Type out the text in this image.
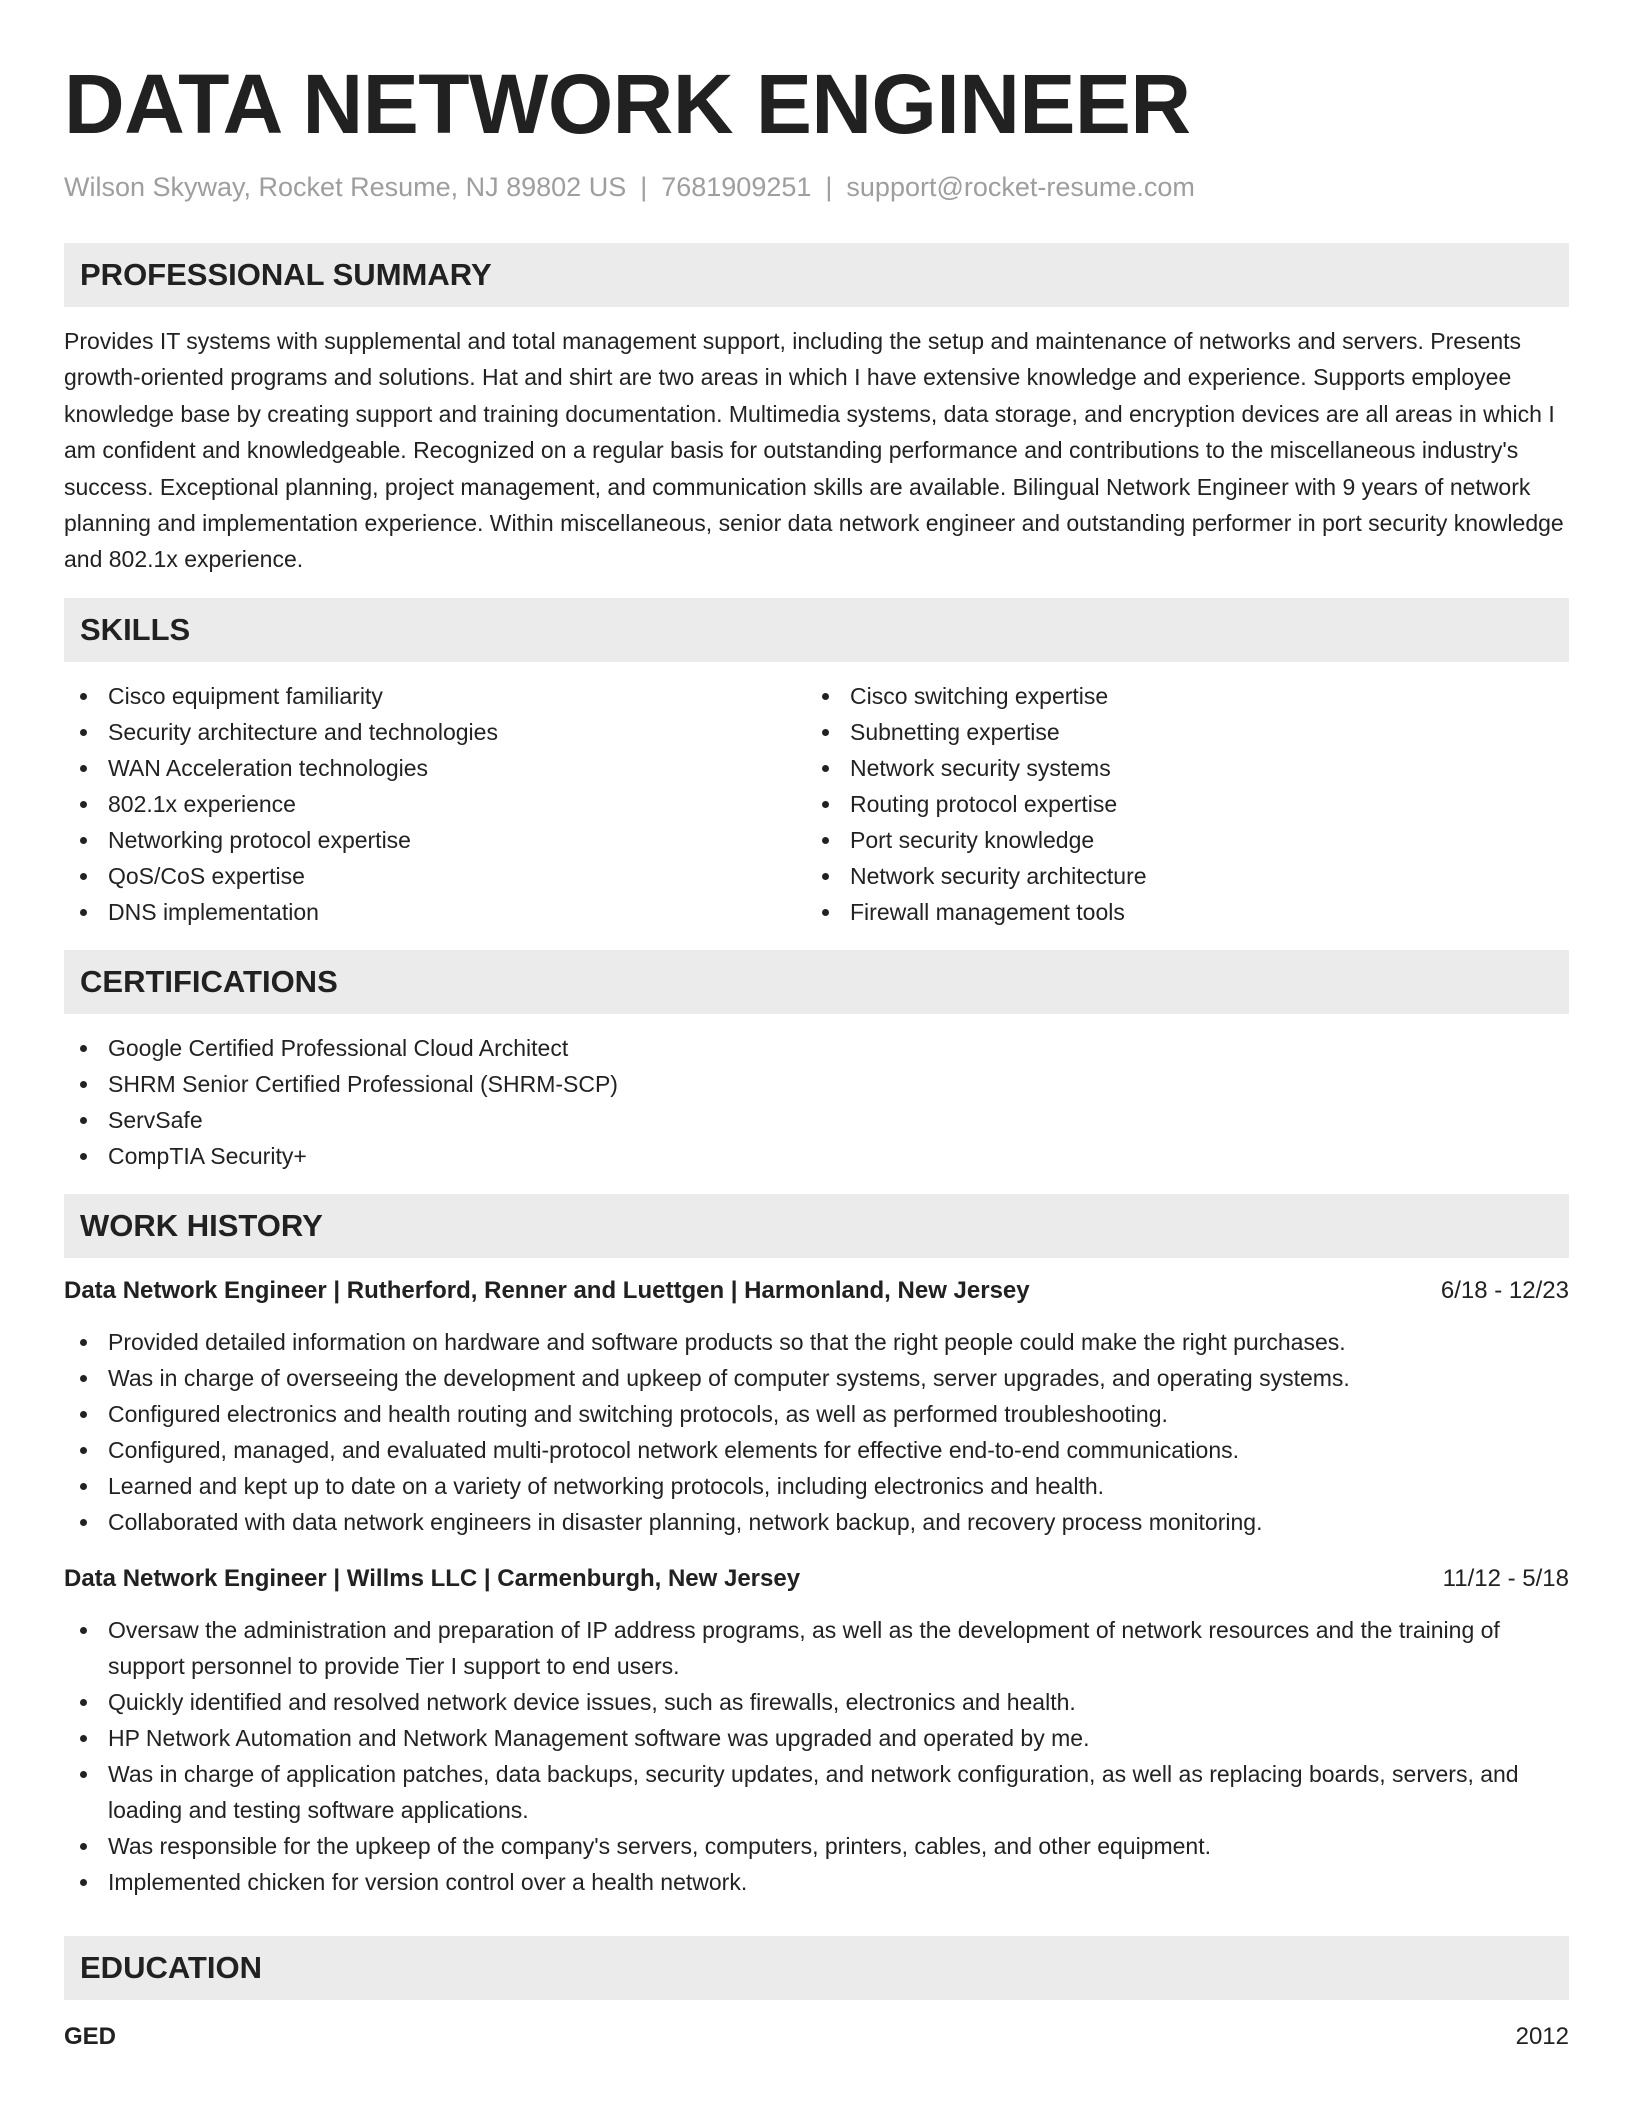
DATA NETWORK ENGINEER
Wilson Skyway, Rocket Resume, NJ 89802 US | 7681909251 | support@rocket-resume.com
PROFESSIONAL SUMMARY

Provides IT systems with supplemental and total management support, including the setup and maintenance of networks and servers. Presents growth-oriented programs and solutions. Hat and shirt are two areas in which I have extensive knowledge and experience. Supports employee knowledge base by creating support and training documentation. Multimedia systems, data storage, and encryption devices are all areas in which I am confident and knowledgeable. Recognized on a regular basis for outstanding performance and contributions to the miscellaneous industry's success. Exceptional planning, project management, and communication skills are available. Bilingual Network Engineer with 9 years of network planning and implementation experience. Within miscellaneous, senior data network engineer and outstanding performer in port security knowledge and 802.1x experience.

SKILLS
Cisco equipment familiarity
Security architecture and technologies
WAN Acceleration technologies
802.1x experience
Networking protocol expertise
QoS/CoS expertise
DNS implementation
Cisco switching expertise
Subnetting expertise
Network security systems
Routing protocol expertise
Port security knowledge
Network security architecture
Firewall management tools
CERTIFICATIONS
Google Certified Professional Cloud Architect
SHRM Senior Certified Professional (SHRM-SCP)
ServSafe
CompTIA Security+
WORK HISTORY
Data Network Engineer | Rutherford, Renner and Luettgen | Harmonland, New Jersey	6/18 - 12/23
Provided detailed information on hardware and software products so that the right people could make the right purchases.
Was in charge of overseeing the development and upkeep of computer systems, server upgrades, and operating systems.
Configured electronics and health routing and switching protocols, as well as performed troubleshooting.
Configured, managed, and evaluated multi-protocol network elements for effective end-to-end communications.
Learned and kept up to date on a variety of networking protocols, including electronics and health.
Collaborated with data network engineers in disaster planning, network backup, and recovery process monitoring.
Data Network Engineer | Willms LLC | Carmenburgh, New Jersey	11/12 - 5/18
Oversaw the administration and preparation of IP address programs, as well as the development of network resources and the training of support personnel to provide Tier I support to end users.
Quickly identified and resolved network device issues, such as firewalls, electronics and health.
HP Network Automation and Network Management software was upgraded and operated by me.
Was in charge of application patches, data backups, security updates, and network configuration, as well as replacing boards, servers, and loading and testing software applications.
Was responsible for the upkeep of the company's servers, computers, printers, cables, and other equipment.
Implemented chicken for version control over a health network.
EDUCATION
GED	2012
